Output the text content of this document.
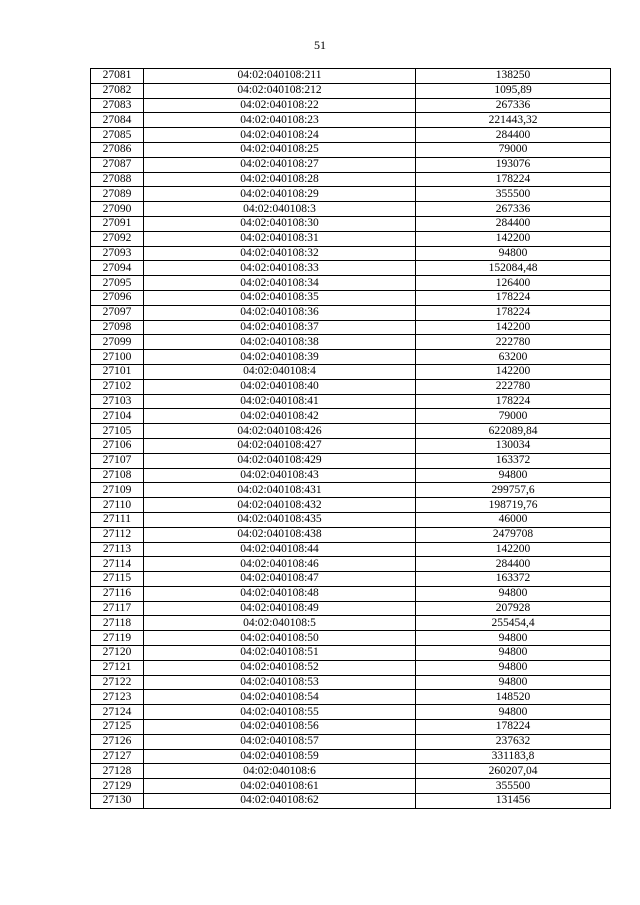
51
27081	04:02:040108:211	138250
27082	04:02:040108:212	1095,89
27083	04:02:040108:22	267336
27084	04:02:040108:23	221443,32
27085	04:02:040108:24	284400
27086	04:02:040108:25	79000
27087	04:02:040108:27	193076
27088	04:02:040108:28	178224
27089	04:02:040108:29	355500
27090	04:02:040108:3	267336
27091	04:02:040108:30	284400
27092	04:02:040108:31	142200
27093	04:02:040108:32	94800
27094	04:02:040108:33	152084,48
27095	04:02:040108:34	126400
27096	04:02:040108:35	178224
27097	04:02:040108:36	178224
27098	04:02:040108:37	142200
27099	04:02:040108:38	222780
27100	04:02:040108:39	63200
27101	04:02:040108:4	142200
27102	04:02:040108:40	222780
27103	04:02:040108:41	178224
27104	04:02:040108:42	79000
27105	04:02:040108:426	622089,84
27106	04:02:040108:427	130034
27107	04:02:040108:429	163372
27108	04:02:040108:43	94800
27109	04:02:040108:431	299757,6
27110	04:02:040108:432	198719,76
27111	04:02:040108:435	46000
27112	04:02:040108:438	2479708
27113	04:02:040108:44	142200
27114	04:02:040108:46	284400
27115	04:02:040108:47	163372
27116	04:02:040108:48	94800
27117	04:02:040108:49	207928
27118	04:02:040108:5	255454,4
27119	04:02:040108:50	94800
27120	04:02:040108:51	94800
27121	04:02:040108:52	94800
27122	04:02:040108:53	94800
27123	04:02:040108:54	148520
27124	04:02:040108:55	94800
27125	04:02:040108:56	178224
27126	04:02:040108:57	237632
27127	04:02:040108:59	331183,8
27128	04:02:040108:6	260207,04
27129	04:02:040108:61	355500
27130	04:02:040108:62	131456
